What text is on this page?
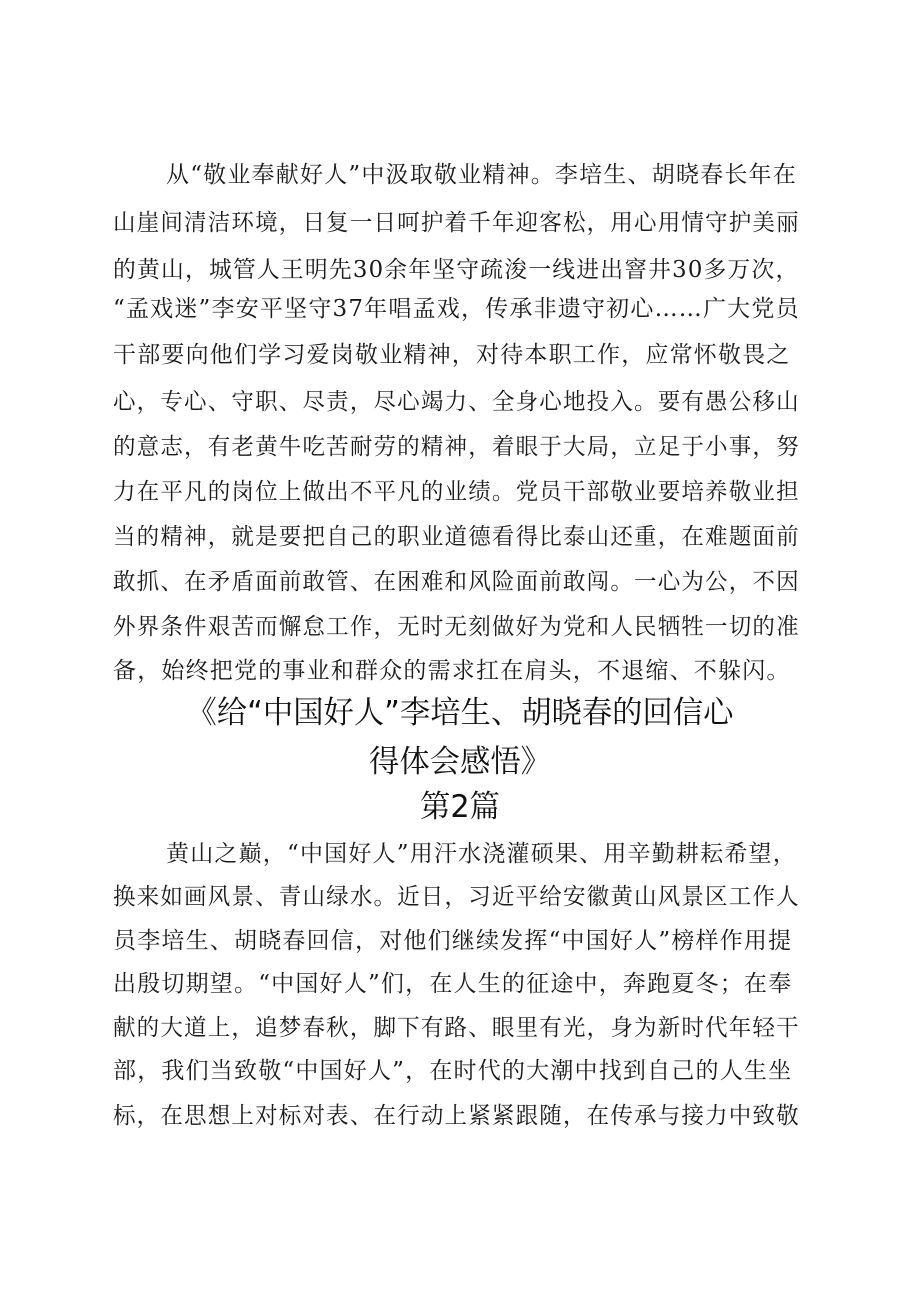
从“敬业奉献好人”中汲取敬业精神。李培生、胡晓春长年在
山崖间清洁环境，日复一日呵护着千年迎客松，用心用情守护美丽
的黄山，城管人王明先30余年坚守疏浚一线进出窨井30多万次，
“孟戏迷”李安平坚守37年唱孟戏，传承非遗守初心……广大党员
干部要向他们学习爱岗敬业精神，对待本职工作，应常怀敬畏之
心，专心、守职、尽责，尽心竭力、全身心地投入。要有愚公移山
的意志，有老黄牛吃苦耐劳的精神，着眼于大局，立足于小事，努
力在平凡的岗位上做出不平凡的业绩。党员干部敬业要培养敬业担
当的精神，就是要把自己的职业道德看得比泰山还重，在难题面前
敢抓、在矛盾面前敢管、在困难和风险面前敢闯。一心为公，不因
外界条件艰苦而懈怠工作，无时无刻做好为党和人民牺牲一切的准
备，始终把党的事业和群众的需求扛在肩头，不退缩、不躲闪。
《给“中国好人”李培生、胡晓春的回信心
得体会感悟》
第2篇
黄山之巅，“中国好人”用汗水浇灌硕果、用辛勤耕耘希望，
换来如画风景、青山绿水。近日，习近平给安徽黄山风景区工作人
员李培生、胡晓春回信，对他们继续发挥“中国好人”榜样作用提
出殷切期望。“中国好人”们，在人生的征途中，奔跑夏冬；在奉
献的大道上，追梦春秋，脚下有路、眼里有光，身为新时代年轻干
部，我们当致敬“中国好人”，在时代的大潮中找到自己的人生坐
标，在思想上对标对表、在行动上紧紧跟随，在传承与接力中致敬
